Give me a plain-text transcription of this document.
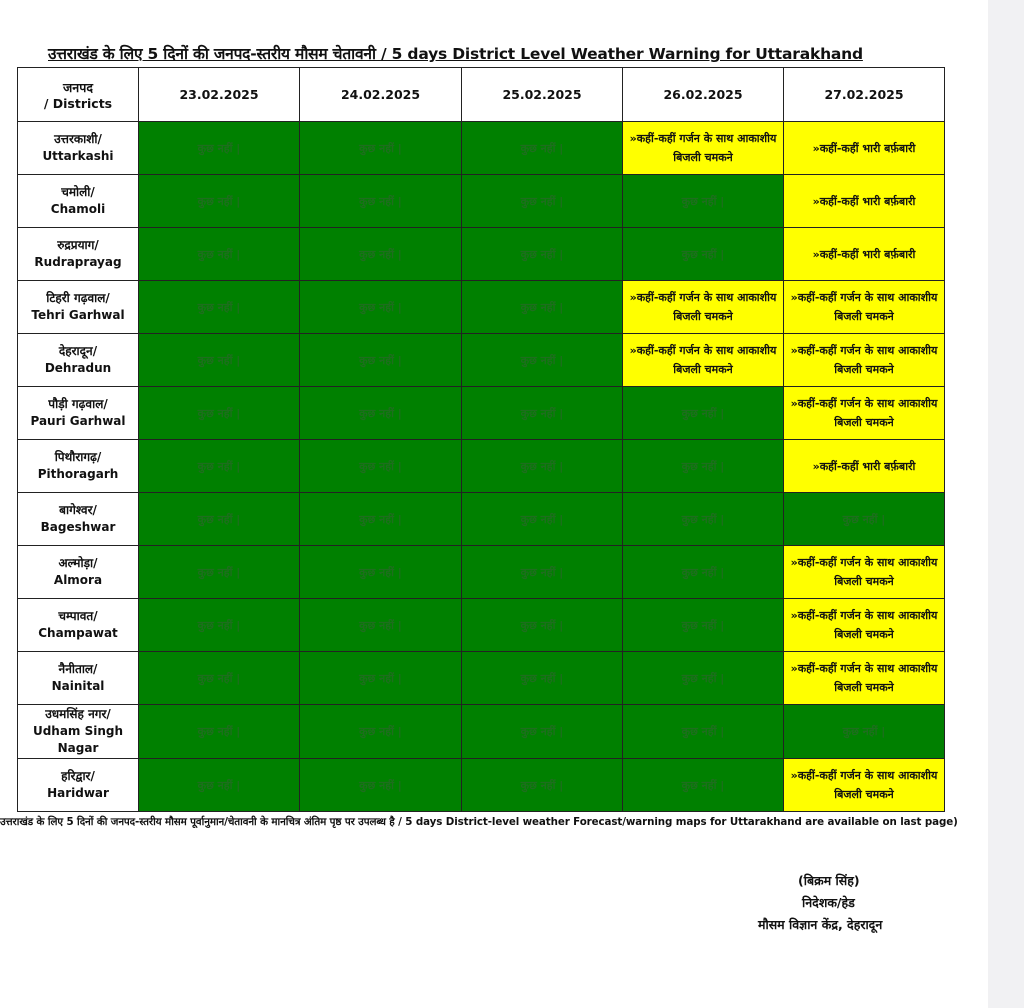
उत्तराखंड के लिए 5 दिनों की जनपद-स्तरीय मौसम चेतावनी / 5 days District Level Weather Warning for Uttarakhand
जनपद
/ Districts	23.02.2025	24.02.2025	25.02.2025	26.02.2025	27.02.2025

उत्तरकाशी/
Uttarkashi	कुछ नहीं |	कुछ नहीं |	कुछ नहीं |	»कहीं-कहीं गर्जन के साथ आकाशीय बिजली चमकने	»कहीं-कहीं भारी बर्फ़बारी

चमोली/
Chamoli	कुछ नहीं |	कुछ नहीं |	कुछ नहीं |	कुछ नहीं |	»कहीं-कहीं भारी बर्फ़बारी

रुद्रप्रयाग/
Rudraprayag	कुछ नहीं |	कुछ नहीं |	कुछ नहीं |	कुछ नहीं |	»कहीं-कहीं भारी बर्फ़बारी

टिहरी गढ़वाल/
Tehri Garhwal	कुछ नहीं |	कुछ नहीं |	कुछ नहीं |	»कहीं-कहीं गर्जन के साथ आकाशीय बिजली चमकने	»कहीं-कहीं गर्जन के साथ आकाशीय बिजली चमकने

देहरादून/
Dehradun	कुछ नहीं |	कुछ नहीं |	कुछ नहीं |	»कहीं-कहीं गर्जन के साथ आकाशीय बिजली चमकने	»कहीं-कहीं गर्जन के साथ आकाशीय बिजली चमकने

पौड़ी गढ़वाल/
Pauri Garhwal	कुछ नहीं |	कुछ नहीं |	कुछ नहीं |	कुछ नहीं |	»कहीं-कहीं गर्जन के साथ आकाशीय बिजली चमकने

पिथौरागढ़/
Pithoragarh	कुछ नहीं |	कुछ नहीं |	कुछ नहीं |	कुछ नहीं |	»कहीं-कहीं भारी बर्फ़बारी

बागेश्वर/
Bageshwar	कुछ नहीं |	कुछ नहीं |	कुछ नहीं |	कुछ नहीं |	कुछ नहीं |

अल्मोड़ा/
Almora	कुछ नहीं |	कुछ नहीं |	कुछ नहीं |	कुछ नहीं |	»कहीं-कहीं गर्जन के साथ आकाशीय बिजली चमकने

चम्पावत/
Champawat	कुछ नहीं |	कुछ नहीं |	कुछ नहीं |	कुछ नहीं |	»कहीं-कहीं गर्जन के साथ आकाशीय बिजली चमकने

नैनीताल/
Nainital	कुछ नहीं |	कुछ नहीं |	कुछ नहीं |	कुछ नहीं |	»कहीं-कहीं गर्जन के साथ आकाशीय बिजली चमकने

उधमसिंह नगर/
Udham Singh Nagar	कुछ नहीं |	कुछ नहीं |	कुछ नहीं |	कुछ नहीं |	कुछ नहीं |

हरिद्वार/
Haridwar	कुछ नहीं |	कुछ नहीं |	कुछ नहीं |	कुछ नहीं |	»कहीं-कहीं गर्जन के साथ आकाशीय बिजली चमकने
उत्तराखंड के लिए 5 दिनों की जनपद-स्तरीय मौसम पूर्वानुमान/चेतावनी के मानचित्र अंतिम पृष्ठ पर उपलब्ध है / 5 days District-level weather Forecast/warning maps for Uttarakhand are available on last page)
(बिक्रम सिंह)
निदेशक/हेड
मौसम विज्ञान केंद्र, देहरादून
